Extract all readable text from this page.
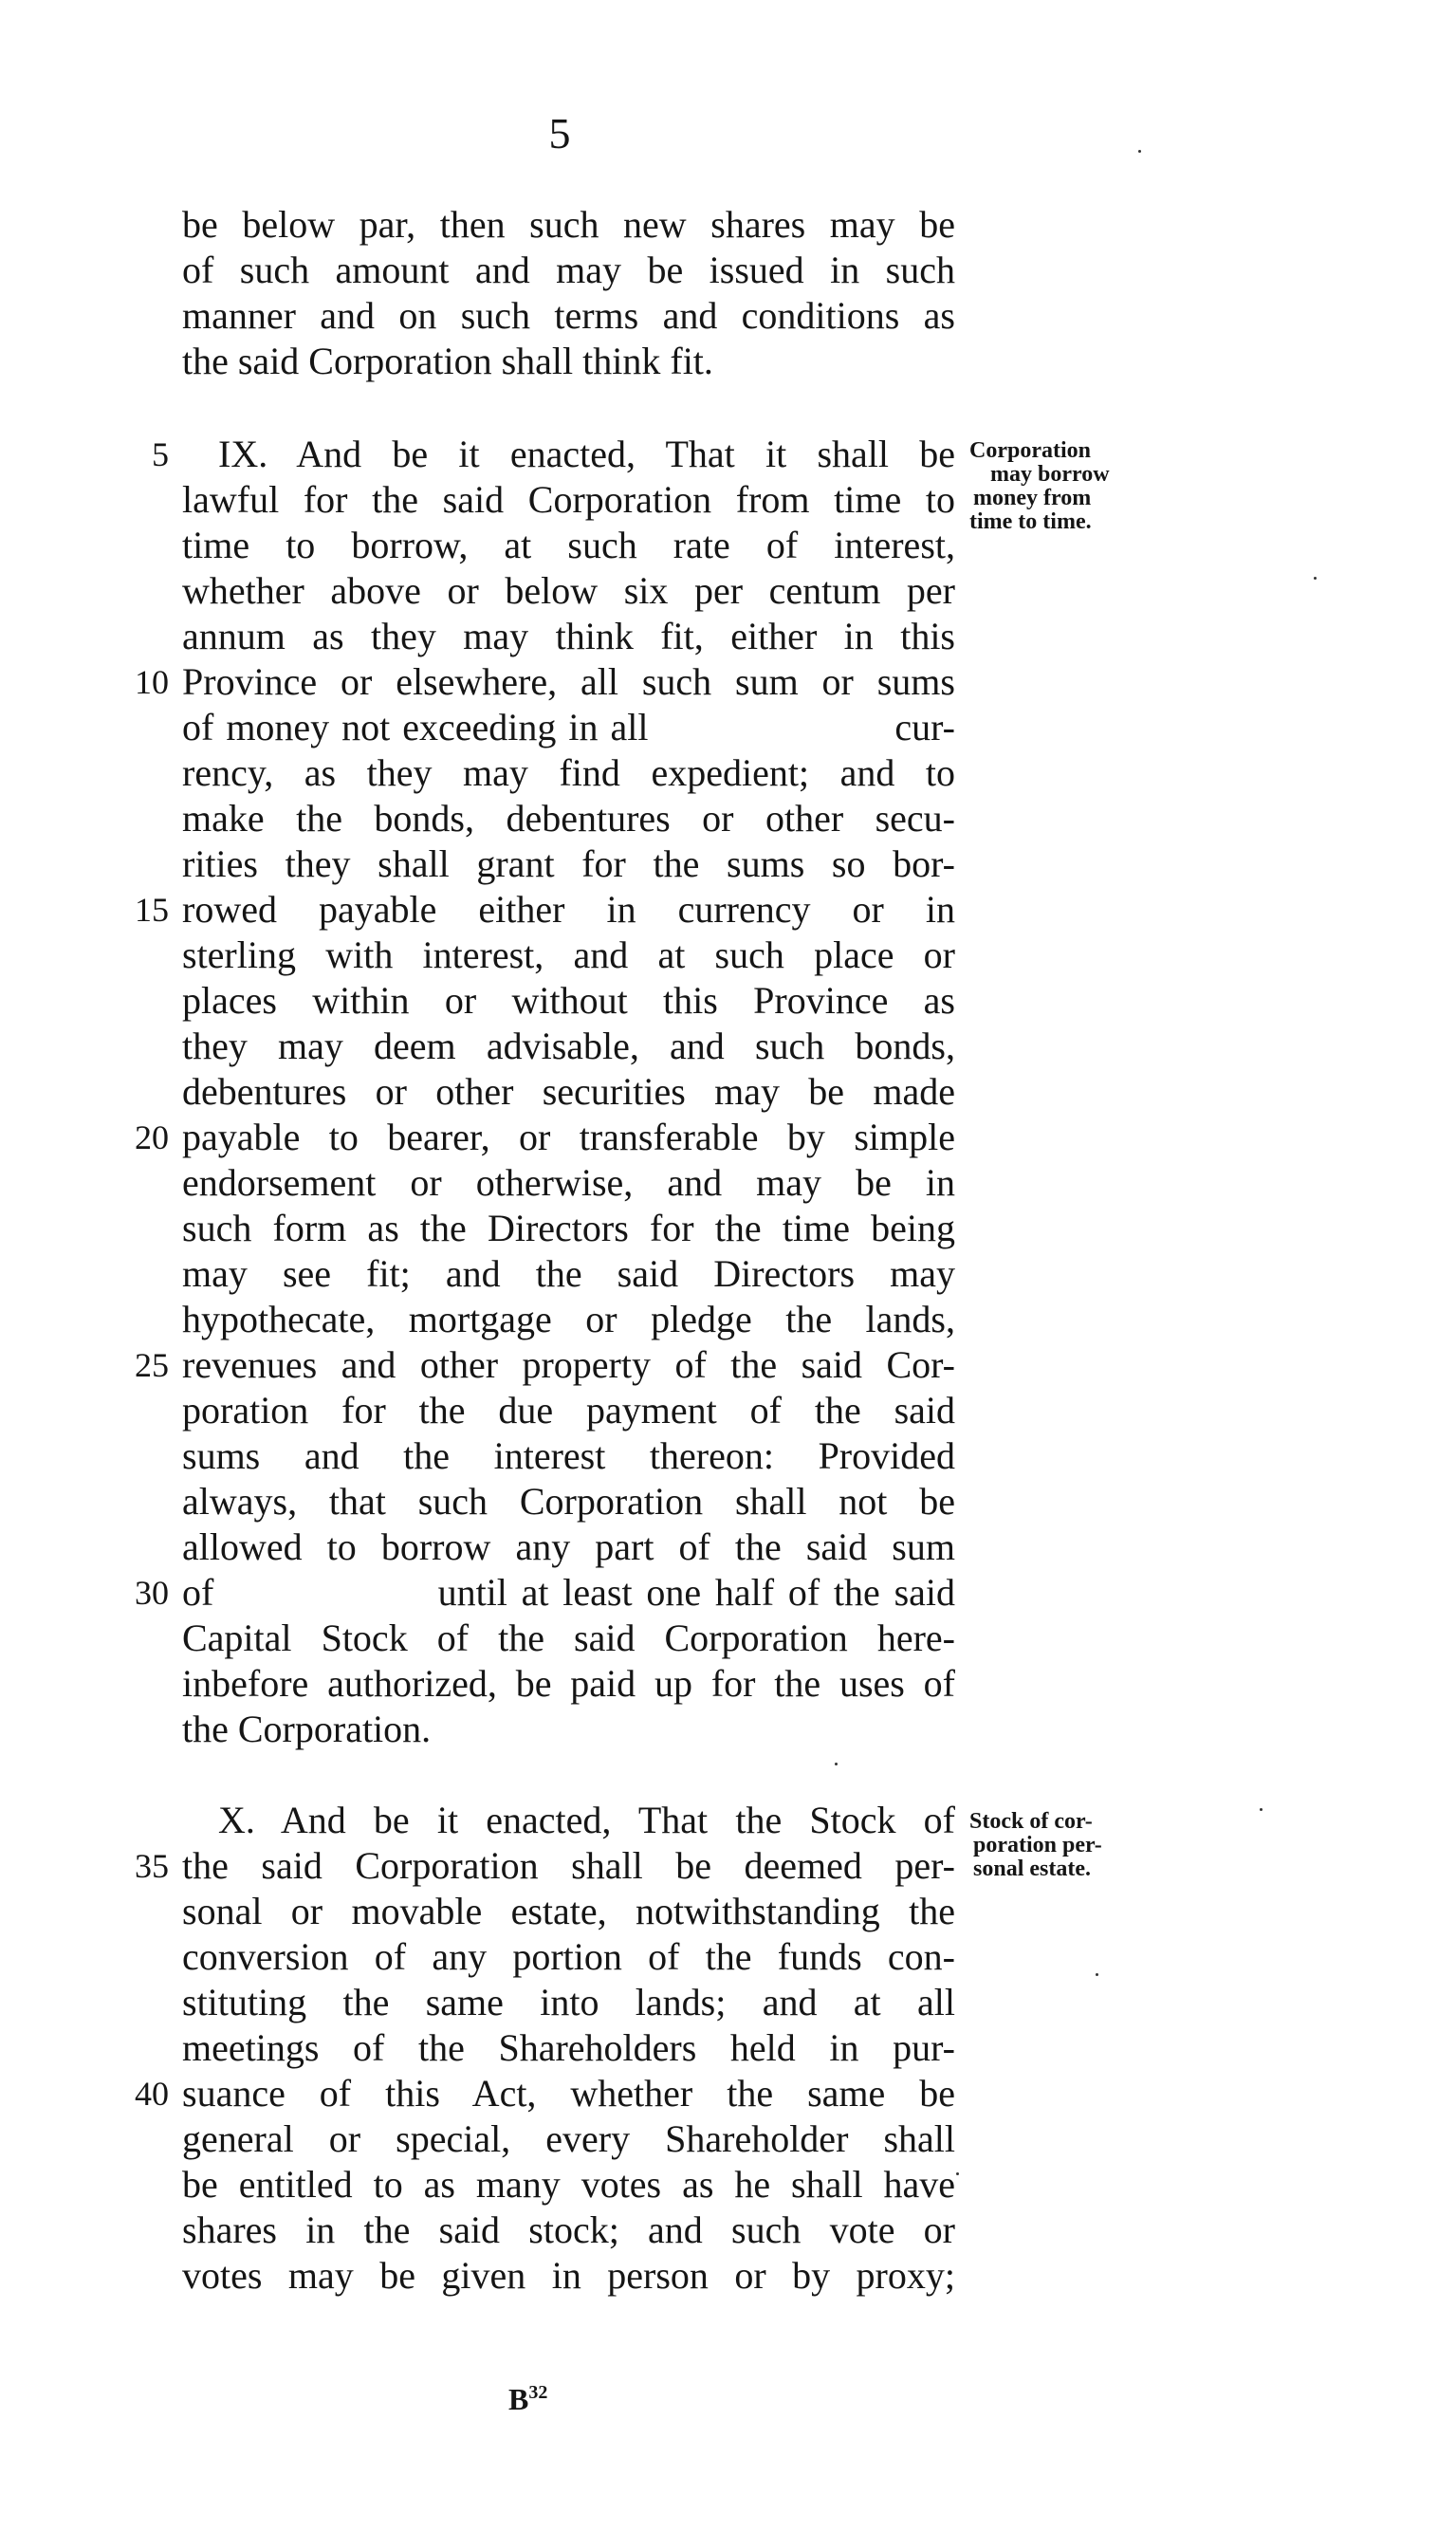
5
be below par, then such new shares may be
of such amount and may be issued in such
manner and on such terms and conditions as
the said Corporation shall think fit.
5 IX. And be it enacted, That it shall be
lawful for the said Corporation from time to
time to borrow, at such rate of interest,
whether above or below six per centum per
annum as they may think fit, either in this
10 Province or elsewhere, all such sum or sums
of money not exceeding in all                    cur-
rency, as they may find expedient; and to
make the bonds, debentures or other secu-
rities they shall grant for the sums so bor-
15 rowed payable either in currency or in
sterling with interest, and at such place or
places within or without this Province as
they may deem advisable, and such bonds,
debentures or other securities may be made
20 payable to bearer, or transferable by simple
endorsement or otherwise, and may be in
such form as the Directors for the time being
may see fit; and the said Directors may
hypothecate, mortgage or pledge the lands,
25 revenues and other property of the said Cor-
poration for the due payment of the said
sums and the interest thereon: Provided
always, that such Corporation shall not be
allowed to borrow any part of the said sum
30 of                until at least one half of the said
Capital Stock of the said Corporation here-
inbefore authorized, be paid up for the uses of
the Corporation.
X. And be it enacted, That the Stock of
35 the said Corporation shall be deemed per-
sonal or movable estate, notwithstanding the
conversion of any portion of the funds con-
stituting the same into lands; and at all
meetings of the Shareholders held in pur-
40 suance of this Act, whether the same be
general or special, every Shareholder shall
be entitled to as many votes as he shall have
shares in the said stock; and such vote or
votes may be given in person or by proxy;
Corporation
may borrow
money from
time to time.
Stock of cor-
poration per-
sonal estate.
$B^{32}$
